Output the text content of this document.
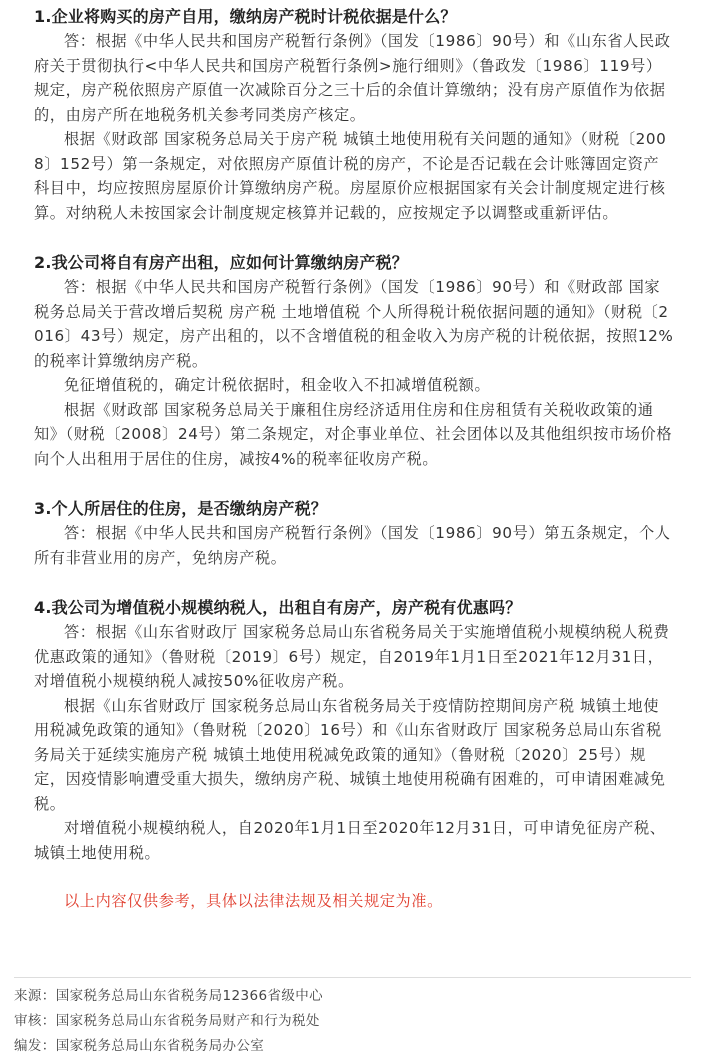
1.企业将购买的房产自用，缴纳房产税时计税依据是什么？

答：根据《中华人民共和国房产税暂行条例》（国发〔1986〕90号）和《山东省人民政府关于贯彻执行<中华人民共和国房产税暂行条例>施行细则》（鲁政发〔1986〕119号）规定，房产税依照房产原值一次减除百分之三十后的余值计算缴纳；没有房产原值作为依据的，由房产所在地税务机关参考同类房产核定。

根据《财政部 国家税务总局关于房产税 城镇土地使用税有关问题的通知》（财税〔2008〕152号）第一条规定，对依照房产原值计税的房产，不论是否记载在会计账簿固定资产科目中，均应按照房屋原价计算缴纳房产税。房屋原价应根据国家有关会计制度规定进行核算。对纳税人未按国家会计制度规定核算并记载的，应按规定予以调整或重新评估。

2.我公司将自有房产出租，应如何计算缴纳房产税？

答：根据《中华人民共和国房产税暂行条例》（国发〔1986〕90号）和《财政部 国家税务总局关于营改增后契税 房产税 土地增值税 个人所得税计税依据问题的通知》（财税〔2016〕43号）规定，房产出租的，以不含增值税的租金收入为房产税的计税依据，按照12%的税率计算缴纳房产税。

免征增值税的，确定计税依据时，租金收入不扣减增值税额。

根据《财政部 国家税务总局关于廉租住房经济适用住房和住房租赁有关税收政策的通知》（财税〔2008〕24号）第二条规定，对企事业单位、社会团体以及其他组织按市场价格向个人出租用于居住的住房，减按4%的税率征收房产税。

3.个人所居住的住房，是否缴纳房产税？

答：根据《中华人民共和国房产税暂行条例》（国发〔1986〕90号）第五条规定，个人所有非营业用的房产，免纳房产税。

4.我公司为增值税小规模纳税人，出租自有房产，房产税有优惠吗？

答：根据《山东省财政厅 国家税务总局山东省税务局关于实施增值税小规模纳税人税费优惠政策的通知》（鲁财税〔2019〕6号）规定，自2019年1月1日至2021年12月31日，对增值税小规模纳税人减按50%征收房产税。

根据《山东省财政厅 国家税务总局山东省税务局关于疫情防控期间房产税 城镇土地使用税减免政策的通知》（鲁财税〔2020〕16号）和《山东省财政厅 国家税务总局山东省税务局关于延续实施房产税 城镇土地使用税减免政策的通知》（鲁财税〔2020〕25号）规定，因疫情影响遭受重大损失，缴纳房产税、城镇土地使用税确有困难的，可申请困难减免税。

对增值税小规模纳税人，自2020年1月1日至2020年12月31日，可申请免征房产税、城镇土地使用税。

以上内容仅供参考，具体以法律法规及相关规定为准。

来源：国家税务总局山东省税务局12366省级中心

审核：国家税务总局山东省税务局财产和行为税处

编发：国家税务总局山东省税务局办公室
